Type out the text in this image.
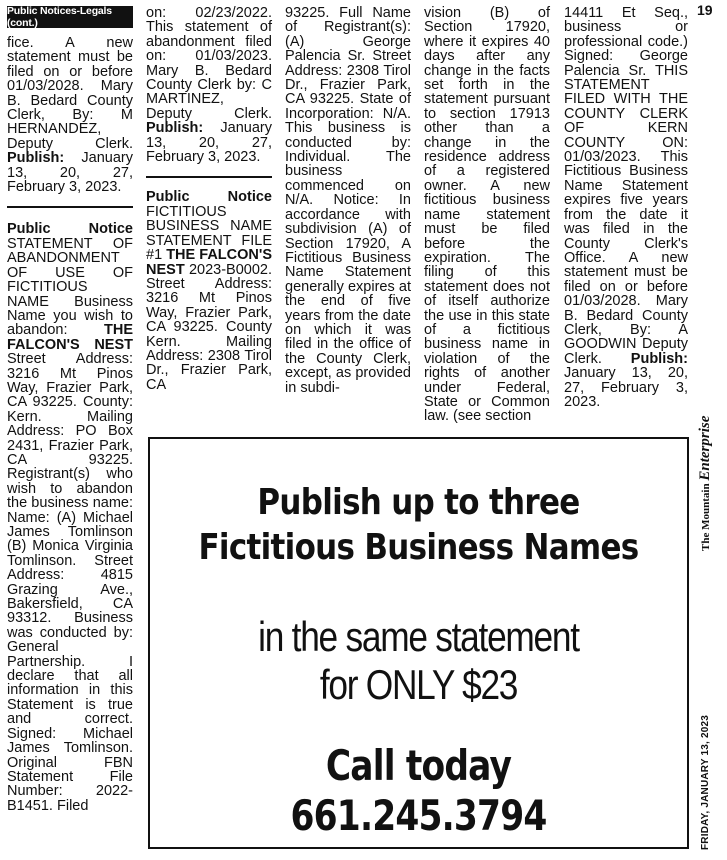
Public Notices-Legals (cont.)
19
FRIDAY, JANUARY 13, 2023
The Mountain Enterprise

fice. A new statement must be filed on or before 01/03/2028. Mary B. Bedard County Clerk, By: M HERNANDEZ, Deputy Clerk. Publish: January 13, 20, 27, February 3, 2023.

Public	Notice

STATEMENT OF ABANDONMENT OF USE OF FICTITIOUS NAME Business Name you wish to abandon:	THE FALCON'S NEST Street Address: 3216 Mt Pinos Way, Frazier Park, CA 93225. County: Kern. Mailing Address: PO Box 2431, Frazier Park, CA 93225. Registrant(s) who wish to abandon the business name: Name: (A) Michael James Tomlinson (B) Monica Virginia Tomlinson. Street Address: 4815 Grazing Ave., Bakersfield, CA 93312. Business was conducted by: General Partnership. I declare that all information in this Statement is true and correct. Signed: Michael James Tomlinson. Original FBN Statement File Number: 2022-B1451. Filed

on: 02/23/2022. This statement of abandonment filed on: 01/03/2023. Mary B. Bedard County Clerk by: C MARTINEZ, Deputy Clerk. Publish: January 13, 20, 27, February 3, 2023.

Public	Notice

FICTITIOUS BUSINESS NAME STATEMENT FILE #1 THE FALCON'S NEST 2023-B0002. Street Address: 3216 Mt Pinos Way, Frazier Park, CA 93225. County Kern. Mailing Address: 2308 Tirol Dr., Frazier Park, CA

93225. Full Name of Registrant(s): (A) George Palencia Sr. Street Address: 2308 Tirol Dr., Frazier Park, CA 93225. State of Incorporation: N/A. This business is conducted by: Individual. The business commenced on N/A. Notice: In accordance with subdivision (A) of Section 17920, A Fictitious Business Name Statement generally expires at the end of five years from the date on which it was filed in the office of the County Clerk, except, as provided in subdi-

vision (B) of Section 17920, where it expires 40 days after any change in the facts set forth in the statement pursuant to section 17913 other than a change in the residence address of a registered owner. A new fictitious business name statement must be filed before the expiration. The filing of this statement does not of itself authorize the use in this state of a fictitious business name in violation of the rights of another under Federal, State or Common law. (see section

14411 Et Seq., business or professional code.) Signed: George Palencia Sr. THIS STATEMENT FILED WITH THE COUNTY CLERK OF KERN COUNTY ON: 01/03/2023. This Fictitious Business Name Statement expires five years from the date it was filed in the County Clerk's Office. A new statement must be filed on or before 01/03/2028. Mary B. Bedard County Clerk, By: A GOODWIN Deputy Clerk. Publish: January 13, 20, 27, February 3, 2023.

Publish up to three
Fictitious Business Names
in the same statement
for ONLY $23
Call today 661.245.3794
